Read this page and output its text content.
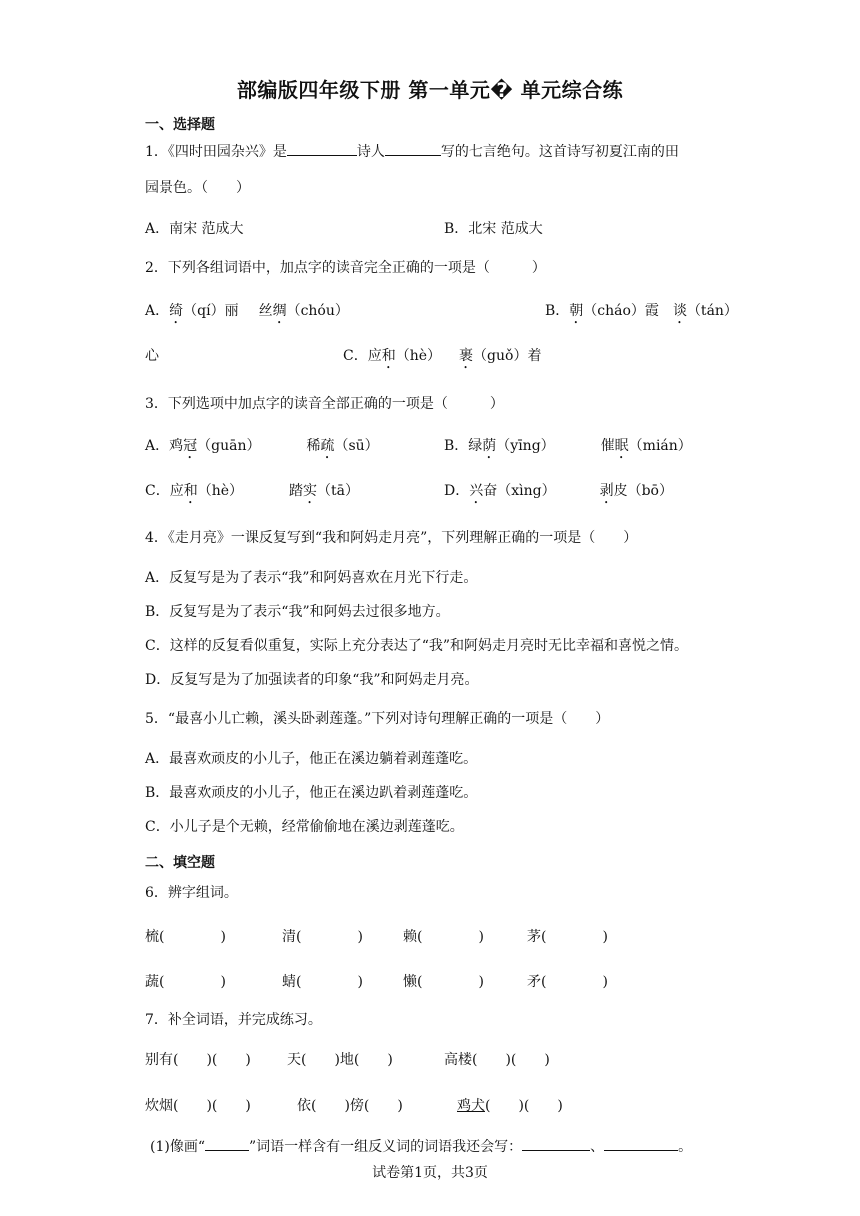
部编版四年级下册 第一单元� 单元综合练
一、选择题
1．《四时田园杂兴》是	诗人	写的七言绝句。这首诗写初夏江南的田
园景色。（　　）
A．南宋 范成大	B．北宋 范成大
2．下列各组词语中，加点字的读音完全正确的一项是（　　　）
A．绮（qí）丽 丝绸（chóu）	B．朝（cháo）霞 谈（tán）
心	C．应和（hè） 裹（guǒ）着
3．下列选项中加点字的读音全部正确的一项是（　　　）
A．鸡冠（guān）	稀疏（sū）	B．绿荫（yīng）	催眠（mián）
C．应和（hè）	踏实（tā）	D．兴奋（xìng）	剥皮（bō）
4．《走月亮》一课反复写到“我和阿妈走月亮”，下列理解正确的一项是（　　）
A．反复写是为了表示“我”和阿妈喜欢在月光下行走。
B．反复写是为了表示“我”和阿妈去过很多地方。
C．这样的反复看似重复，实际上充分表达了“我”和阿妈走月亮时无比幸福和喜悦之情。
D．反复写是为了加强读者的印象“我”和阿妈走月亮。
5．“最喜小儿亡赖，溪头卧剥莲蓬。”下列对诗句理解正确的一项是（　　）
A．最喜欢顽皮的小儿子，他正在溪边躺着剥莲蓬吃。
B．最喜欢顽皮的小儿子，他正在溪边趴着剥莲蓬吃。
C．小儿子是个无赖，经常偷偷地在溪边剥莲蓬吃。
二、填空题
6．辨字组词。
梳(　　　　)	清(　　　　)	赖(　　　　)	茅(　　　　)
蔬(　　　　)	蜻(　　　　)	懒(　　　　)	矛(　　　　)
7．补全词语，并完成练习。
别有(　　)(　　)	天(　　)地(　　)	高楼(　　)(　　)
炊烟(　　)(　　)	依(　　)傍(　　)	鸡犬(　　)(　　)
(1)像画“	”词语一样含有一组反义词的词语我还会写：	、	。
试卷第1页，共3页
